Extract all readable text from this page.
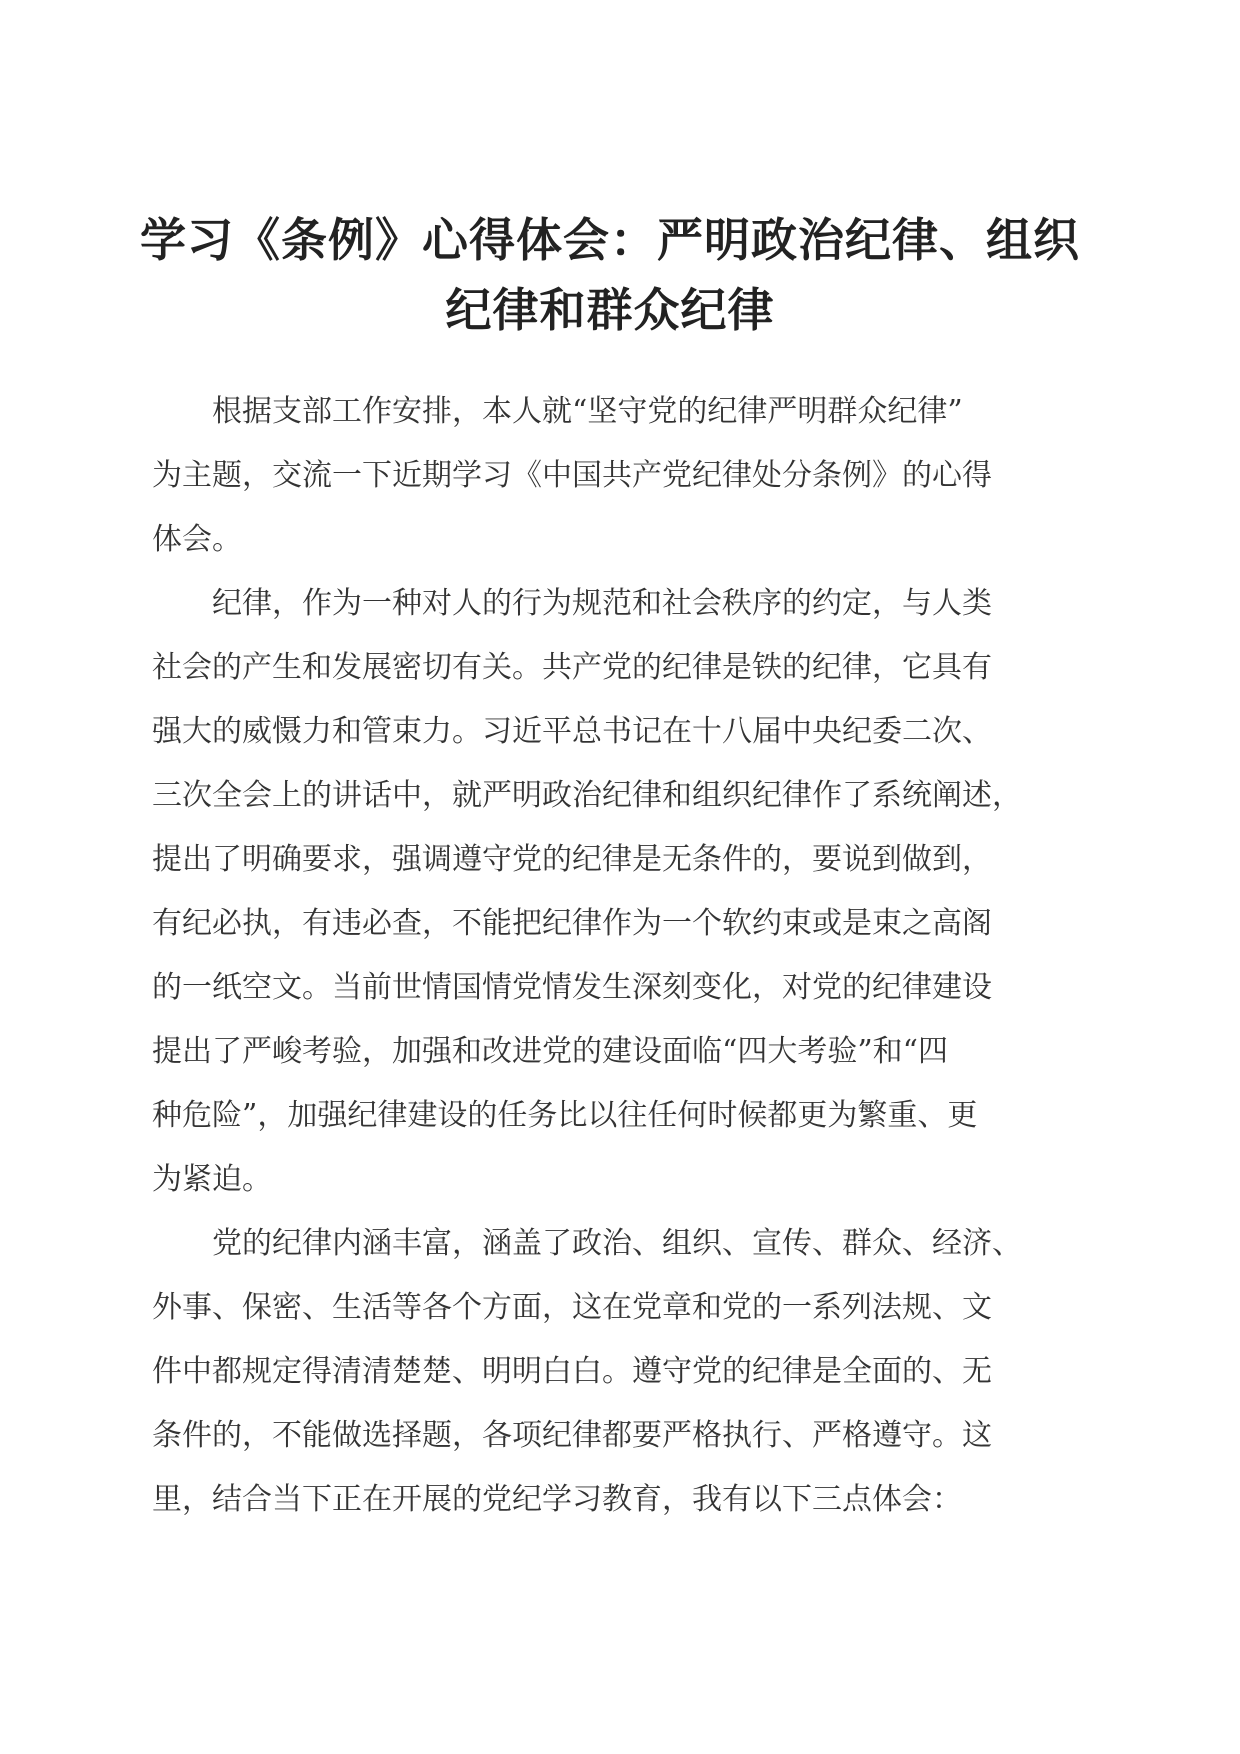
学习《条例》心得体会：严明政治纪律、组织
纪律和群众纪律

　　根据支部工作安排，本人就“坚守党的纪律严明群众纪律”
为主题，交流一下近期学习《中国共产党纪律处分条例》的心得
体会。

　　纪律，作为一种对人的行为规范和社会秩序的约定，与人类
社会的产生和发展密切有关。共产党的纪律是铁的纪律，它具有
强大的威慑力和管束力。习近平总书记在十八届中央纪委二次、
三次全会上的讲话中，就严明政治纪律和组织纪律作了系统阐述，
提出了明确要求，强调遵守党的纪律是无条件的，要说到做到，
有纪必执，有违必查，不能把纪律作为一个软约束或是束之高阁
的一纸空文。当前世情国情党情发生深刻变化，对党的纪律建设
提出了严峻考验，加强和改进党的建设面临“四大考验”和“四
种危险”，加强纪律建设的任务比以往任何时候都更为繁重、更
为紧迫。

　　党的纪律内涵丰富，涵盖了政治、组织、宣传、群众、经济、
外事、保密、生活等各个方面，这在党章和党的一系列法规、文
件中都规定得清清楚楚、明明白白。遵守党的纪律是全面的、无
条件的，不能做选择题，各项纪律都要严格执行、严格遵守。这
里，结合当下正在开展的党纪学习教育，我有以下三点体会：
